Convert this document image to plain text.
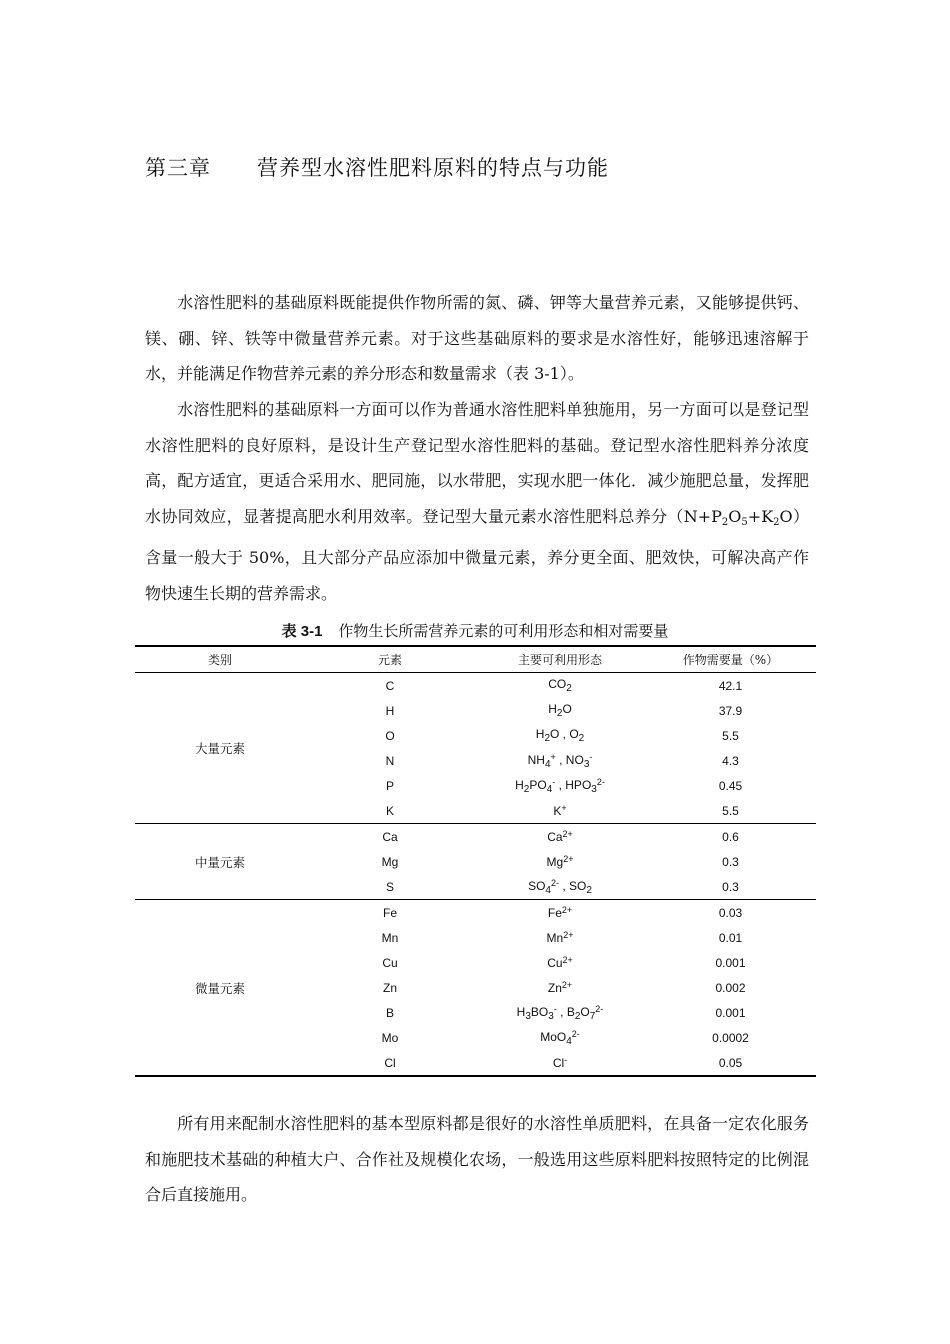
第三章 营养型水溶性肥料原料的特点与功能

水溶性肥料的基础原料既能提供作物所需的氮、磷、钾等大量营养元素，又能够提供钙、镁、硼、锌、铁等中微量营养元素。对于这些基础原料的要求是水溶性好，能够迅速溶解于水，并能满足作物营养元素的养分形态和数量需求（表 3-1）。

水溶性肥料的基础原料一方面可以作为普通水溶性肥料单独施用，另一方面可以是登记型水溶性肥料的良好原料，是设计生产登记型水溶性肥料的基础。登记型水溶性肥料养分浓度高，配方适宜，更适合采用水、肥同施，以水带肥，实现水肥一体化．减少施肥总量，发挥肥水协同效应，显著提高肥水利用效率。登记型大量元素水溶性肥料总养分$(N+P_2O_5+K_2O)$含量一般大于 50%，且大部分产品应添加中微量元素，养分更全面、肥效快，可解决高产作物快速生长期的营养需求。

表 3-1 作物生长所需营养元素的可利用形态和相对需要量
类别	元素	主要可利用形态	作物需要量（%）
大量元素	C	$CO_2$	42.1
	H	$H_2O$	37.9
	O	$H_2O$ , $O_2$	5.5
	N	$NH_4^+$ , $NO_3^-$	4.3
	P	$H_2PO_4^-$ , $HPO_3^{2-}$	0.45
	K	K+	5.5
中量元素	Ca	$Ca^{2+}$	0.6
	Mg	$Mg^{2+}$	0.3
	S	$SO_4^{2-}$ , $SO_2$	0.3
微量元素	Fe	$Fe^{2+}$	0.03
	Mn	$Mn^{2+}$	0.01
	Cu	$Cu^{2+}$	0.001
	Zn	$Zn^{2+}$	0.002
	B	$H_3BO_3^-$ , $B_2O_7^{2-}$	0.001
	Mo	MoO$_4^{2-}$	0.0002
	Cl	Cl-	0.05

所有用来配制水溶性肥料的基本型原料都是很好的水溶性单质肥料，在具备一定农化服务和施肥技术基础的种植大户、合作社及规模化农场，一般选用这些原料肥料按照特定的比例混合后直接施用。
